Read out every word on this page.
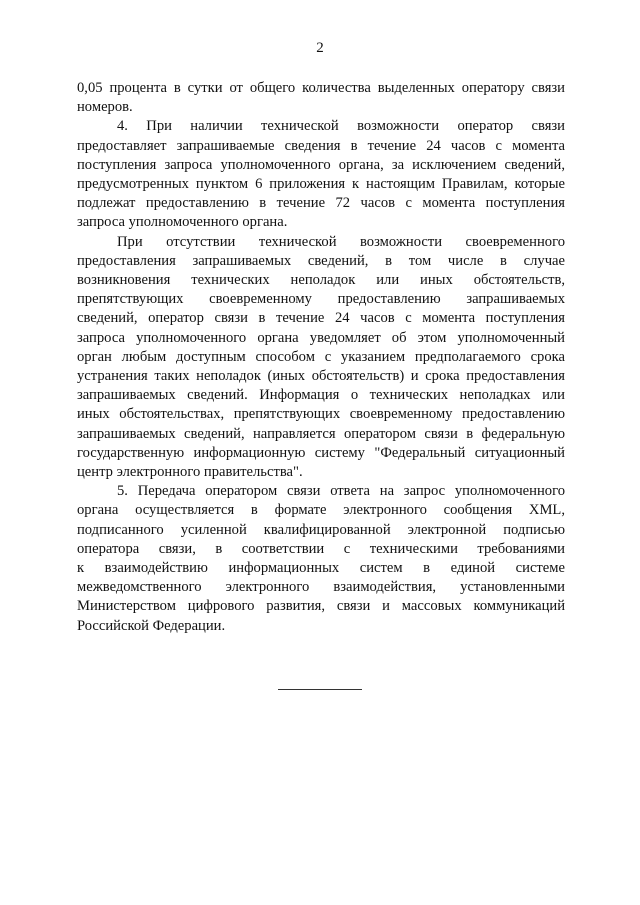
2
0,05 процента в сутки от общего количества выделенных оператору связи
номеров.
4. При наличии технической возможности оператор связи
предоставляет запрашиваемые сведения в течение 24 часов с момента
поступления запроса уполномоченного органа, за исключением сведений,
предусмотренных пунктом 6 приложения к настоящим Правилам, которые
подлежат предоставлению в течение 72 часов с момента поступления
запроса уполномоченного органа.
При отсутствии технической возможности своевременного
предоставления запрашиваемых сведений, в том числе в случае
возникновения технических неполадок или иных обстоятельств,
препятствующих своевременному предоставлению запрашиваемых
сведений, оператор связи в течение 24 часов с момента поступления
запроса уполномоченного органа уведомляет об этом уполномоченный
орган любым доступным способом с указанием предполагаемого срока
устранения таких неполадок (иных обстоятельств) и срока предоставления
запрашиваемых сведений. Информация о технических неполадках или
иных обстоятельствах, препятствующих своевременному предоставлению
запрашиваемых сведений, направляется оператором связи в федеральную
государственную информационную систему "Федеральный ситуационный
центр электронного правительства".
5. Передача оператором связи ответа на запрос уполномоченного
органа осуществляется в формате электронного сообщения XML,
подписанного усиленной квалифицированной электронной подписью
оператора связи, в соответствии с техническими требованиями
к взаимодействию информационных систем в единой системе
межведомственного электронного взаимодействия, установленными
Министерством цифрового развития, связи и массовых коммуникаций
Российской Федерации.
